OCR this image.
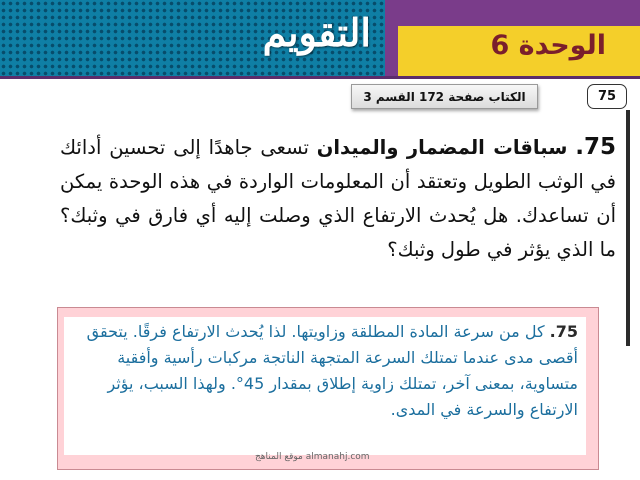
التقويم	الوحدة 6
الكتاب صفحة 172 القسم 3	75
75. سباقات المضمار والميدان تسعى جاهدًا إلى تحسين أدائك في الوثب الطويل وتعتقد أن المعلومات الواردة في هذه الوحدة يمكن أن تساعدك. هل يُحدث الارتفاع الذي وصلت إليه أي فارق في وثبك؟ ما الذي يؤثر في طول وثبك؟
75. كل من سرعة المادة المطلقة وزاويتها. لذا يُحدث الارتفاع فرقًا. يتحقق أقصى مدى عندما تمتلك السرعة المتجهة الناتجة مركبات رأسية وأفقية متساوية، بمعنى آخر، تمتلك زاوية إطلاق بمقدار 45°. ولهذا السبب، يؤثر الارتفاع والسرعة في المدى.
موقع المناهج almanahj.com
